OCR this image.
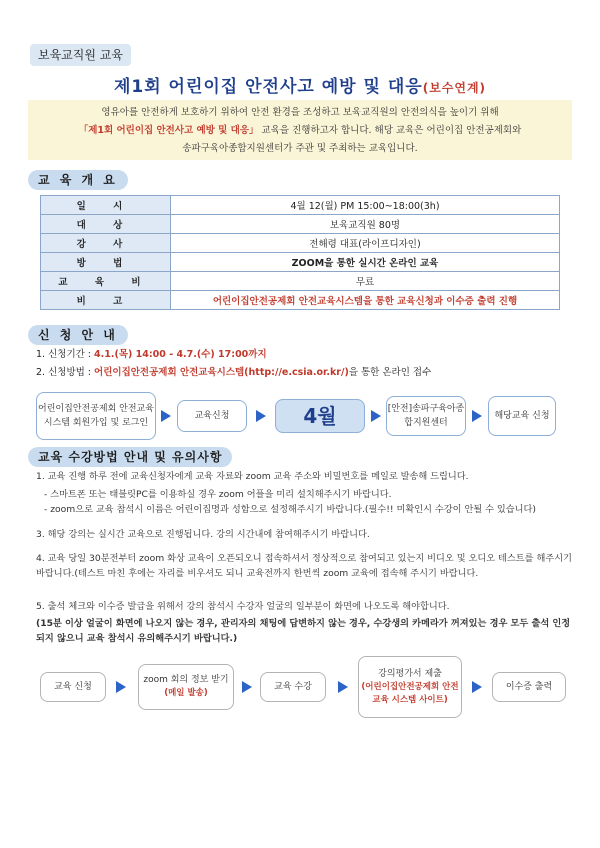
보육교직원 교육
제1회 어린이집 안전사고 예방 및 대응(보수연계)
영유아를 안전하게 보호하기 위하여 안전 환경을 조성하고 보육교직원의 안전의식을 높이기 위해
「제1회 어린이집 안전사고 예방 및 대응」 교육을 진행하고자 합니다. 해당 교육은 어린이집 안전공제회와
송파구육아종합지원센터가 주관 및 주최하는 교육입니다.
교 육 개 요
일 시	4월 12(월) PM 15:00~18:00(3h)
대 상	보육교직원 80명
강 사	전해령 대표(라이프디자인)
방 법	ZOOM을 통한 실시간 온라인 교육
교 육 비	무료
비 고	어린이집안전공제회 안전교육시스템을 통한 교육신청과 이수증 출력 진행
신 청 안 내
1. 신청기간 : 4.1.(목) 14:00 - 4.7.(수) 17:00까지
2. 신청방법 : 어린이집안전공제회 안전교육시스템(http://e.csia.or.kr/)을 통한 온라인 접수
어린이집안전공제회 안전교육시스템 회원가입 및 로그인
교육신청	4월	[안전]송파구육아종합지원센터
해당교육 신청
교육 수강방법 안내 및 유의사항
1. 교육 진행 하루 전에 교육신청자에게 교육 자료와 zoom 교육 주소와 비밀번호를 메일로 발송해 드립니다.
- 스마트폰 또는 태블릿PC를 이용하실 경우 zoom 어플을 미리 설치해주시기 바랍니다.
- zoom으로 교육 참석시 이름은 어린이집명과 성함으로 설정해주시기 바랍니다.(필수!! 미확인시 수강이 안될 수 있습니다)
3. 해당 강의는 실시간 교육으로 진행됩니다. 강의 시간내에 참여해주시기 바랍니다.
4. 교육 당일 30분전부터 zoom 화상 교육이 오픈되오니 접속하셔서 정상적으로 참여되고 있는지 비디오 및 오디오 테스트를 해주시기 바랍니다.(테스트 마친 후에는 자리를 비우셔도 되니 교육전까지 한번씩 zoom 교육에 접속해 주시기 바랍니다.
5. 출석 체크와 이수증 발급을 위해서 강의 참석시 수강자 얼굴의 일부분이 화면에 나오도록 해야합니다.
(15분 이상 얼굴이 화면에 나오지 않는 경우, 관리자의 채팅에 답변하지 않는 경우, 수강생의 카메라가 꺼져있는 경우 모두 출석 인정되지 않으니 교육 참석시 유의해주시기 바랍니다.)
교육 신청
zoom 회의 정보 받기
(메일 발송)
교육 수강
강의평가서 제출
(어린이집안전공제회 안전교육 시스템 사이트)
이수증 출력
